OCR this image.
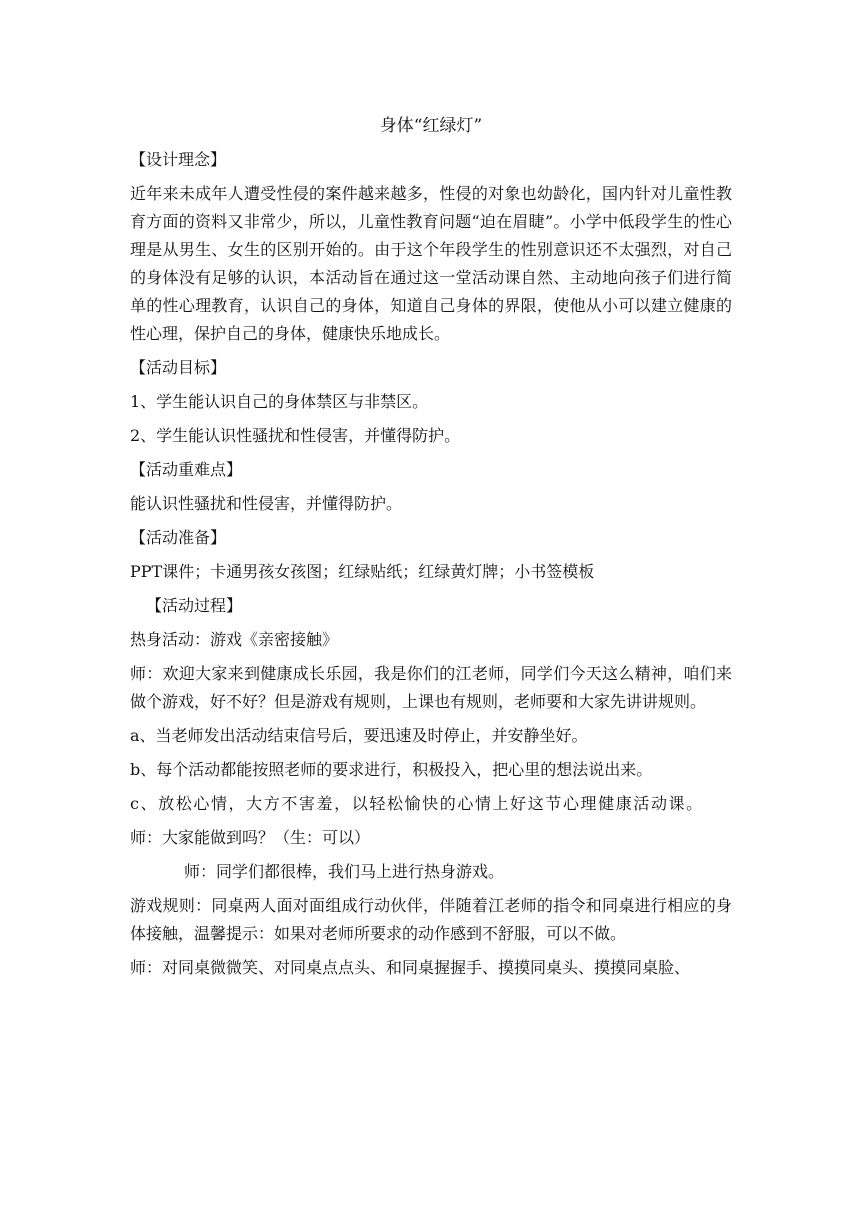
身体“红绿灯”
【设计理念】
近年来未成年人遭受性侵的案件越来越多，性侵的对象也幼龄化，国内针对儿童性教育方面的资料又非常少，所以，儿童性教育问题“迫在眉睫”。小学中低段学生的性心理是从男生、女生的区别开始的。由于这个年段学生的性别意识还不太强烈，对自己的身体没有足够的认识，本活动旨在通过这一堂活动课自然、主动地向孩子们进行简单的性心理教育，认识自己的身体，知道自己身体的界限，使他从小可以建立健康的性心理，保护自己的身体，健康快乐地成长。
【活动目标】
1、学生能认识自己的身体禁区与非禁区。
2、学生能认识性骚扰和性侵害，并懂得防护。
【活动重难点】
能认识性骚扰和性侵害，并懂得防护。
【活动准备】
PPT课件；卡通男孩女孩图；红绿贴纸；红绿黄灯牌；小书签模板
【活动过程】
热身活动：游戏《亲密接触》
师：欢迎大家来到健康成长乐园，我是你们的江老师，同学们今天这么精神，咱们来做个游戏，好不好？但是游戏有规则，上课也有规则，老师要和大家先讲讲规则。
a、当老师发出活动结束信号后，要迅速及时停止，并安静坐好。
b、每个活动都能按照老师的要求进行，积极投入，把心里的想法说出来。
c、放松心情，大方不害羞，以轻松愉快的心情上好这节心理健康活动课。
师：大家能做到吗？（生：可以）
师：同学们都很棒，我们马上进行热身游戏。
游戏规则：同桌两人面对面组成行动伙伴，伴随着江老师的指令和同桌进行相应的身体接触，温馨提示：如果对老师所要求的动作感到不舒服，可以不做。
师：对同桌微微笑、对同桌点点头、和同桌握握手、摸摸同桌头、摸摸同桌脸、
